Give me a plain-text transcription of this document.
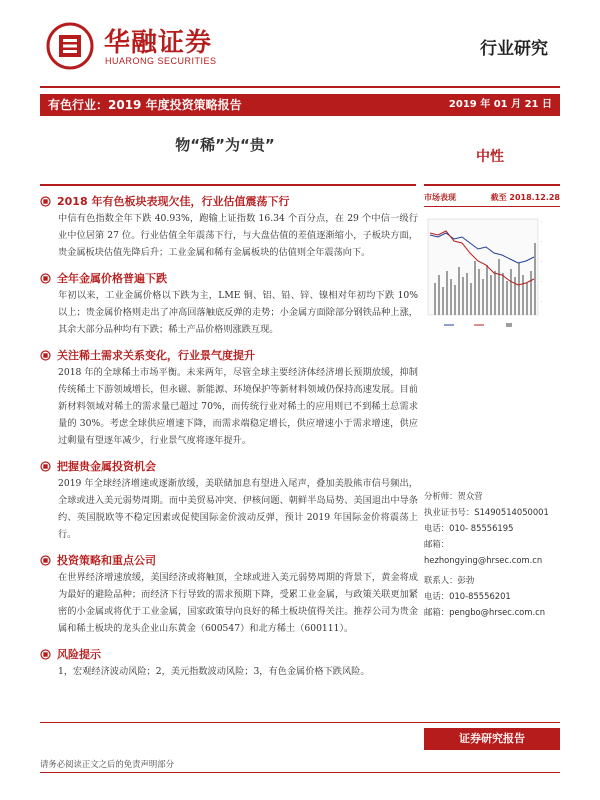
华融证券
HUARONG SECURITIES
行业研究
有色行业：2019 年度投资策略报告	2019 年 01 月 21 日
物“稀”为“贵”
中性
2018 年有色板块表现欠佳，行业估值震荡下行
中信有色指数全年下跌 40.93%，跑输上证指数 16.34 个百分点，在 29 个中信一级行业中位居第 27 位。行业估值全年震荡下行，与大盘估值的差值逐渐缩小，子板块方面，贵金属板块估值先降后升；工业金属和稀有金属板块的估值则全年震荡向下。
全年金属价格普遍下跌
年初以来，工业金属价格以下跌为主，LME 铜、铝、铅、锌、镍相对年初均下跌 10%以上；贵金属价格则走出了冲高回落触底反弹的走势；小金属方面除部分钢铁品种上涨，其余大部分品种均有下跌；稀土产品价格则涨跌互现。
关注稀土需求关系变化，行业景气度提升
2018 年的全球稀土市场平衡。未来两年，尽管全球主要经济体经济增长预期放缓，抑制传统稀土下游领域增长，但永磁、新能源、环境保护等新材料领域仍保持高速发展。目前新材料领域对稀土的需求量已超过 70%，而传统行业对稀土的应用则已不到稀土总需求量的 30%。考虑全球供应增速下降，而需求端稳定增长，供应增速小于需求增速，供应过剩量有望逐年减少，行业景气度将逐年提升。
把握贵金属投资机会
2019 年全球经济增速或逐渐放缓，美联储加息有望进入尾声，叠加美股熊市信号频出，全球或进入美元弱势周期。而中美贸易冲突、伊核问题、朝鲜半岛局势、美国退出中导条约、英国脱欧等不稳定因素或促使国际金价波动反弹，预计 2019 年国际金价将震荡上行。
投资策略和重点公司
在世界经济增速放缓，美国经济或将触顶，全球或进入美元弱势周期的背景下，黄金将成为最好的避险品种；而经济下行导致的需求预期下降，受累工业金属，与政策关联更加紧密的小金属或将优于工业金属，国家政策导向良好的稀土板块值得关注。推荐公司为贵金属和稀土板块的龙头企业山东黄金（600547）和北方稀土（600111）。
风险提示
1，宏观经济波动风险；2，美元指数波动风险；3，有色金属价格下跌风险。
市场表现	截至 2018.12.28
·
·
·
·
·
分析师：贺众营
执业证书号：S1490514050001
电话：010- 85556195
邮箱：hezhongying@hrsec.com.cn
联系人：彭勃
电话：010-85556201
邮箱：pengbo@hrsec.com.cn
证券研究报告
请务必阅读正文之后的免责声明部分
